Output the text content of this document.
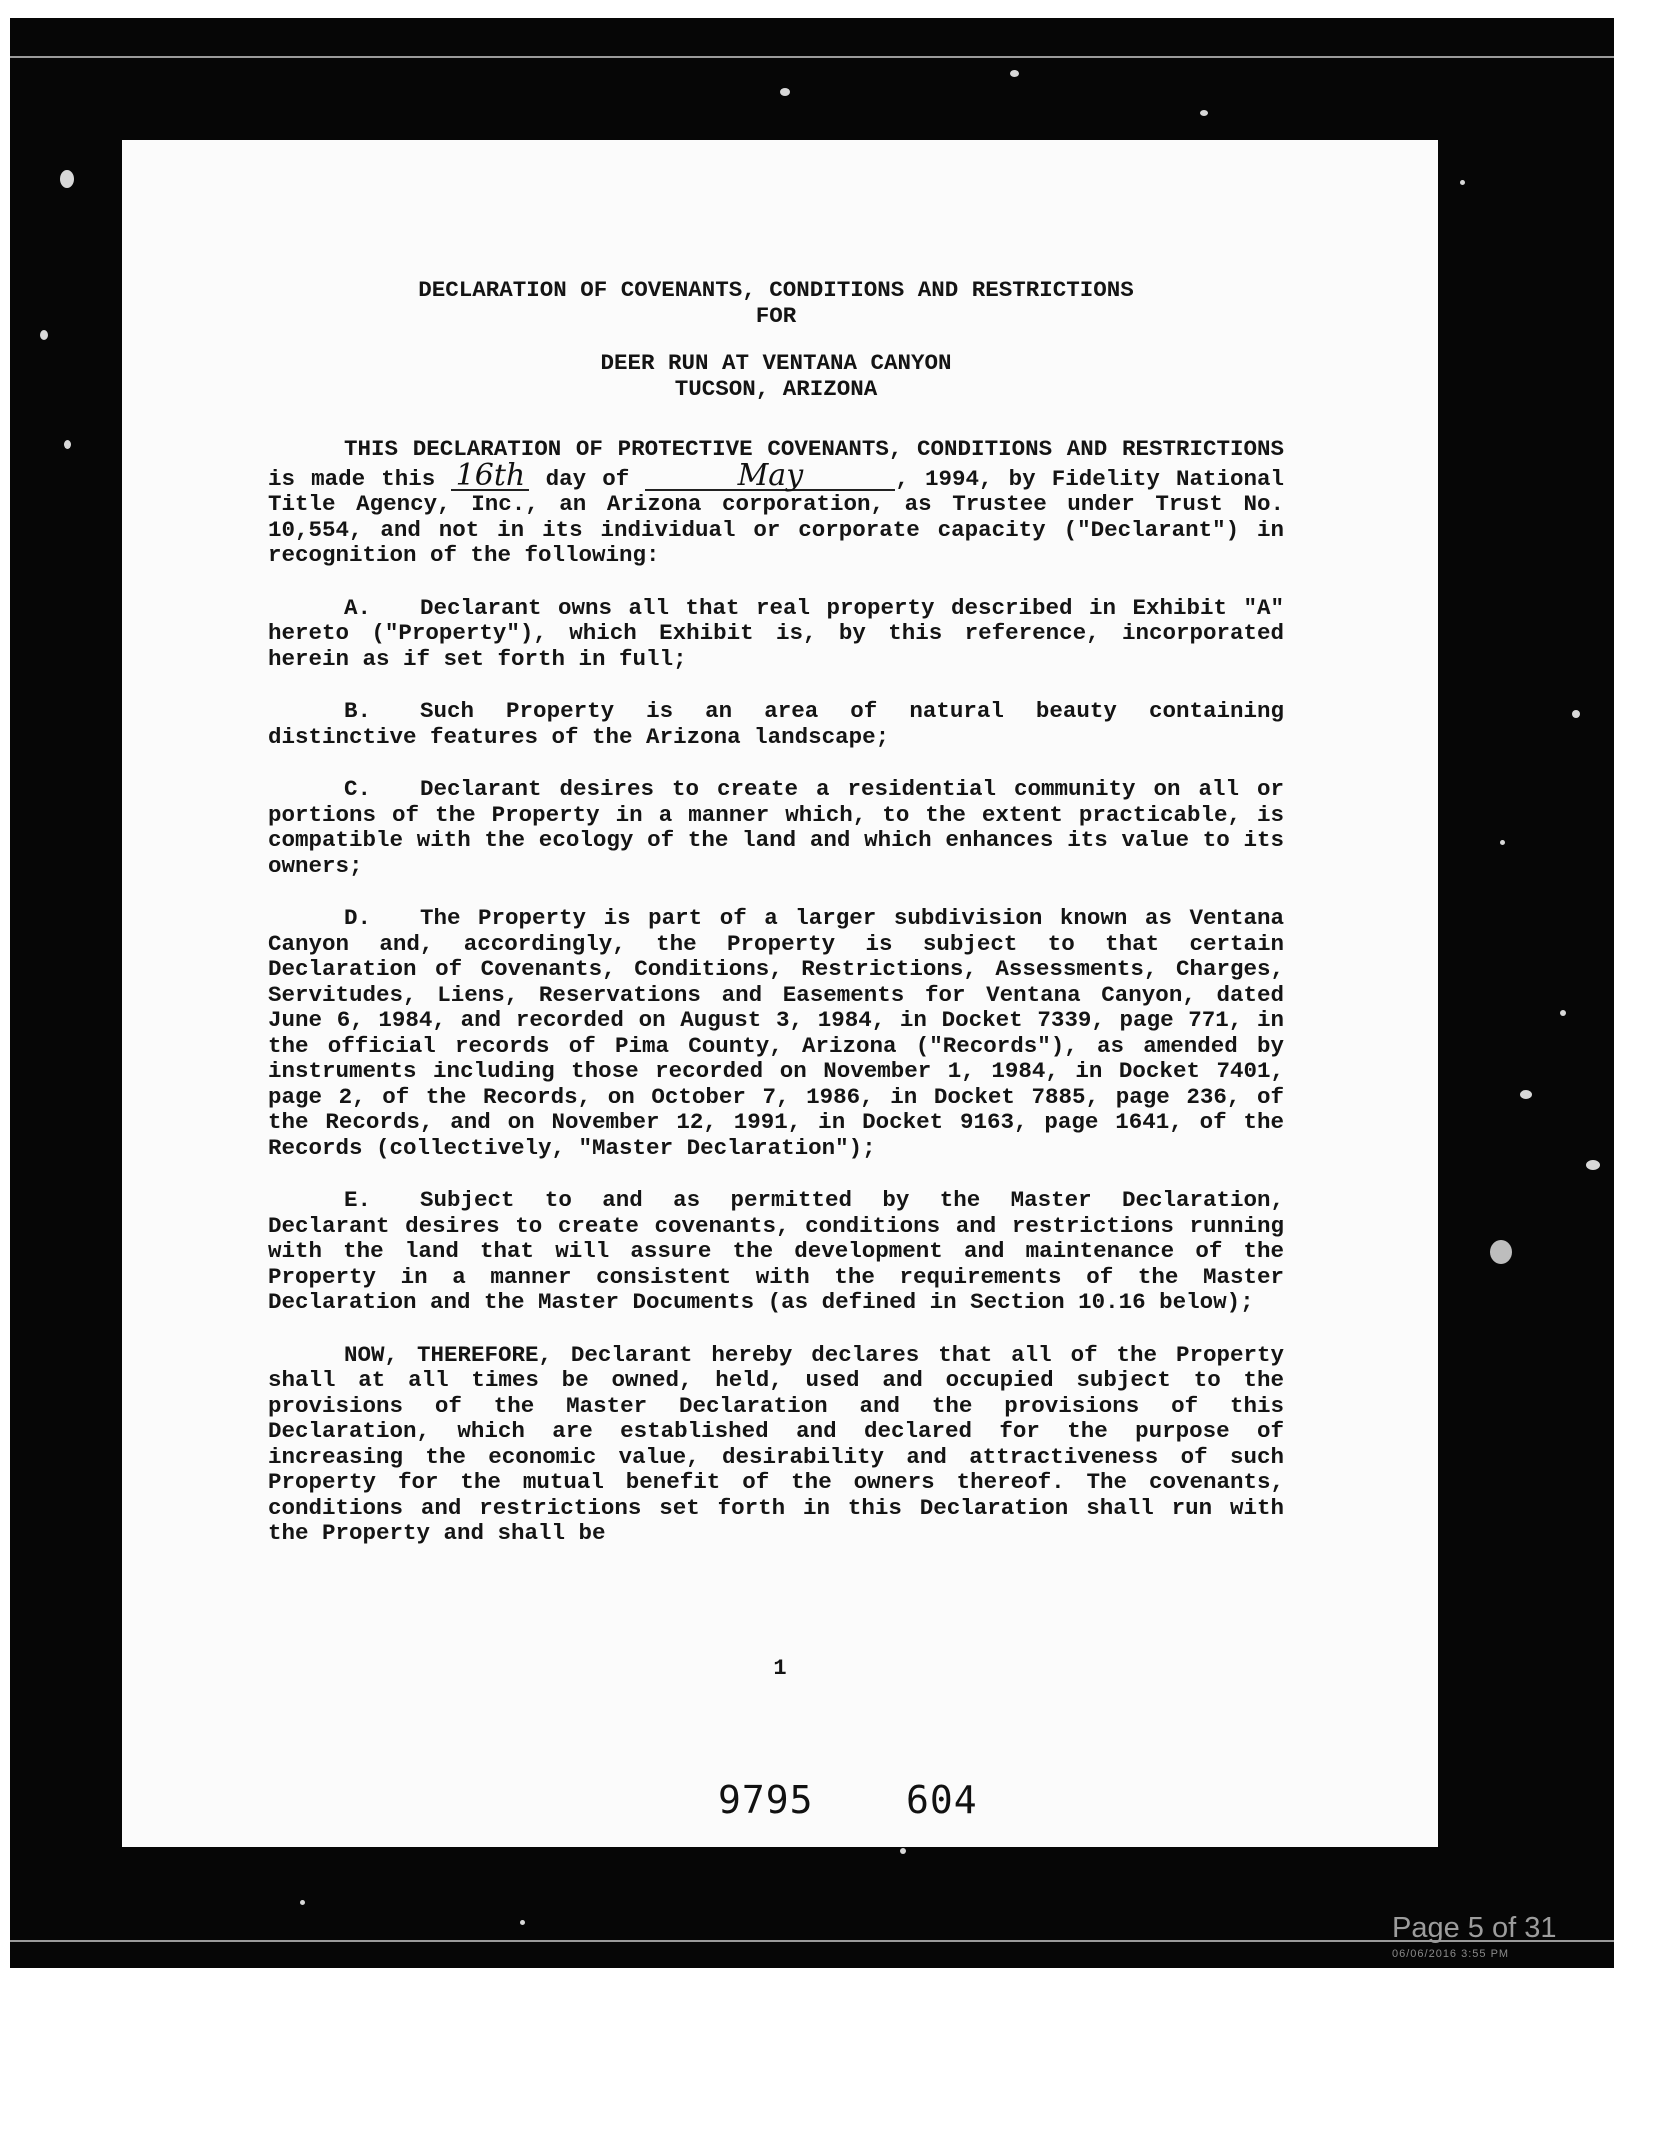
DECLARATION OF COVENANTS, CONDITIONS AND RESTRICTIONS

FOR

DEER RUN AT VENTANA CANYON

TUCSON, ARIZONA

THIS DECLARATION OF PROTECTIVE COVENANTS, CONDITIONS AND RESTRICTIONS is made this 16th day of	May	, 1994, by Fidelity National Title Agency, Inc., an Arizona corporation, as Trustee under Trust No. 10,554, and not in its individual or corporate capacity ("Declarant") in recognition of the following:

A. Declarant owns all that real property described in Exhibit "A" hereto ("Property"), which Exhibit is, by this reference, incorporated herein as if set forth in full;

B. Such Property is an area of natural beauty containing distinctive features of the Arizona landscape;

C. Declarant desires to create a residential community on all or portions of the Property in a manner which, to the extent practicable, is compatible with the ecology of the land and which enhances its value to its owners;

D. The Property is part of a larger subdivision known as Ventana Canyon and, accordingly, the Property is subject to that certain Declaration of Covenants, Conditions, Restrictions, Assessments, Charges, Servitudes, Liens, Reservations and Easements for Ventana Canyon, dated June 6, 1984, and recorded on August 3, 1984, in Docket 7339, page 771, in the official records of Pima County, Arizona ("Records"), as amended by instruments including those recorded on November 1, 1984, in Docket 7401, page 2, of the Records, on October 7, 1986, in Docket 7885, page 236, of the Records, and on November 12, 1991, in Docket 9163, page 1641, of the Records (collectively, "Master Declaration");

E. Subject to and as permitted by the Master Declaration, Declarant desires to create covenants, conditions and restrictions running with the land that will assure the development and maintenance of the Property in a manner consistent with the requirements of the Master Declaration and the Master Documents (as defined in Section 10.16 below);

NOW, THEREFORE, Declarant hereby declares that all of the Property shall at all times be owned, held, used and occupied subject to the provisions of the Master Declaration and the provisions of this Declaration, which are established and declared for the purpose of increasing the economic value, desirability and attractiveness of such Property for the mutual benefit of the owners thereof. The covenants, conditions and restrictions set forth in this Declaration shall run with the Property and shall be

1
9795 604
Page 5 of 31
06/06/2016 3:55 PM
